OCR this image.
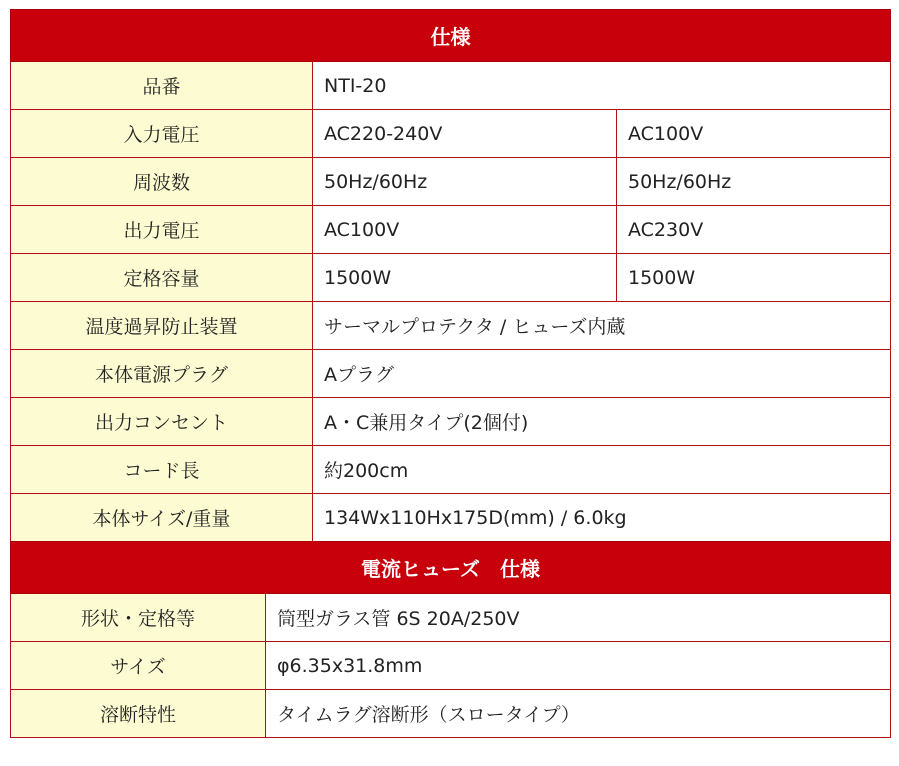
仕様		
品番	NTI-20	
入力電圧	AC220-240V	AC100V
周波数	50Hz/60Hz	50Hz/60Hz
出力電圧	AC100V	AC230V
定格容量	1500W	1500W
温度過昇防止装置	サーマルプロテクタ / ヒューズ内蔵	
本体電源プラグ	Aプラグ	
出力コンセント	A・C兼用タイプ(2個付)	
コード長	約200cm	
本体サイズ/重量	134Wx110Hx175D(mm) / 6.0kg	
電流ヒューズ　仕様	
形状・定格等	筒型ガラス管 6S 20A/250V
サイズ	φ6.35x31.8mm
溶断特性	タイムラグ溶断形（スロータイプ）
